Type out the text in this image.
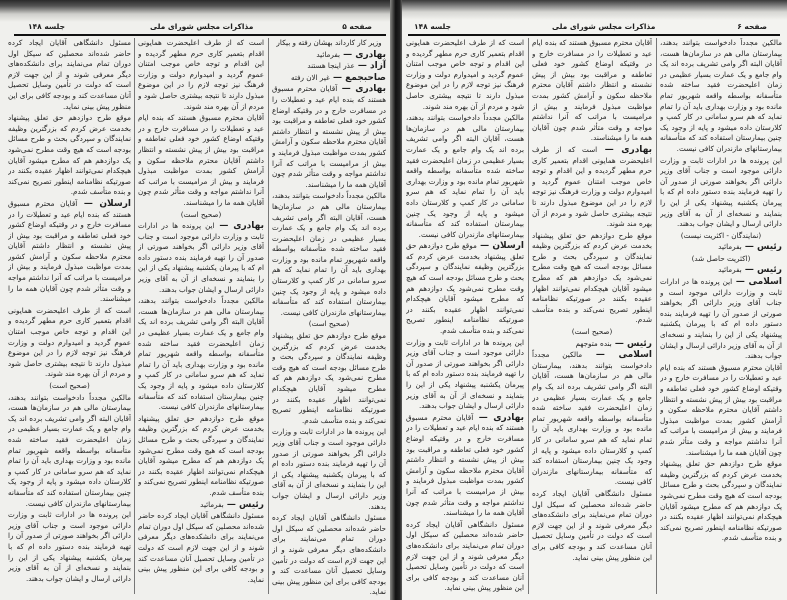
صفحه ۵
مذاکرات مجلس شورای ملی
جلسه ۱۴۸

وزیر کار کارداند بهشان رفته و بیکار

بهادری — بفرمائید

آزاد — عذر اینجا هستند

صاحبجمع — غیر الان رفته

بهادری — آقایان محترم مسبوق هستند که بنده ایام عید و تعطیلات را در مسافرت خارج و در وقتیکه اوضاع کشور خود فعلی تعاطفه و مراقبت بود بیش از پیش نشسته و انتظار داشتم آقایان محترم ملاحظه سکون و آرامش کشور بمدت مواظبت مبذول فرمایند و بیش از مرامیست با مراتب که آنرا نداشتم مواجه و وقت متأثر شدم چون آقایان همه ما را میشناسند.

مالکین مجدداً دادخواست بتوانند بدهند، بیمارستان مالی هم در سازمان‌ها هست، آقایان البته اگر وامی تشریف برده اند یک وام جامع و یک عمارت بسیار عظیمی در زمان اعلیحضرت فقید ساخته شده متأسفانه بواسطه واقعه شهریور تمام مانده بود و وزارت بهداری باید آن را تمام نماید که هم سرو سامانی در کار کمپ و کلارستان داده میشود و پایه از وجود یک چنین بیمارستان استفاده کند که متأسفانه بیمارستانهای مازندران کافی نیست.

(صحیح است)

موقع طرح دوازدهم حق تعلق پیشنهاد بخدمت عرض کردم که بزرگترین وظیفه نمایندگان و سپردگی بحث و طرح مسائل بودجه است که هیچ وقت مطرح نمی‌شود یک دوازدهم هم که مطرح میشود آقایان هیچکدام نمی‌توانند اظهار عقیده بکنند در صورتیکه نظامنامه اینطور تصریح نمی‌کند و بنده متأسف شدم.

این پرونده ها در ادارات ثابت و وزارت دارائی موجود است و جناب آقای وزیر دارائی اگر بخواهند صورتی از صدور آن را تهیه فرمایند بنده دستور داده ام که با پیرمان یکشنبه پیشنهاد یکی از این را بنمایند و نسخه‌ای از آن به آقای وزیر دارائی ارسال و ایشان جواب بدهند.

مسئول دانشگاهی آقایان ایجاد کرده حاضر شده‌اند محصلین که سیکل اول دوران تمام می‌نمایند برای دانشکده‌های دیگر معرفی شوند و از این جهت لازم است که دولت در تأمین وسایل تحصیل آنان مساعدت کند و بودجه کافی برای این منظور پیش بینی نماید.

است که از طرف اعلیحضرت همایونی اقدام بتعمیر کاری حرم مطهر گردیده و این اقدام و توجه خاص موجب امتنان عموم گردید و امیدوارم دولت و وزارت فرهنگ نیز توجه لازم را در این موضوع مبذول دارند تا نتیجه بیشتری حاصل شود و مردم از آن بهره مند شوند.

آقایان محترم مسبوق هستند که بنده ایام عید و تعطیلات را در مسافرت خارج و در وقتیکه اوضاع کشور خود فعلی تعاطفه و مراقبت بود بیش از پیش نشسته و انتظار داشتم آقایان محترم ملاحظه سکون و آرامش کشور بمدت مواظبت مبذول فرمایند و بیش از مرامیست با مراتب که آنرا نداشتم مواجه و وقت متأثر شدم چون آقایان همه ما را میشناسند.

(صحیح است)

بهادری — این پرونده ها در ادارات ثابت و وزارت دارائی موجود است و جناب آقای وزیر دارائی اگر بخواهند صورتی از صدور آن را تهیه فرمایند بنده دستور داده ام که با پیرمان یکشنبه پیشنهاد یکی از این را بنمایند و نسخه‌ای از آن به آقای وزیر دارائی ارسال و ایشان جواب بدهند.

مالکین مجدداً دادخواست بتوانند بدهند، بیمارستان مالی هم در سازمان‌ها هست، آقایان البته اگر وامی تشریف برده اند یک وام جامع و یک عمارت بسیار عظیمی در زمان اعلیحضرت فقید ساخته شده متأسفانه بواسطه واقعه شهریور تمام مانده بود و وزارت بهداری باید آن را تمام نماید که هم سرو سامانی در کار کمپ و کلارستان داده میشود و پایه از وجود یک چنین بیمارستان استفاده کند که متأسفانه بیمارستانهای مازندران کافی نیست.

موقع طرح دوازدهم حق تعلق پیشنهاد بخدمت عرض کردم که بزرگترین وظیفه نمایندگان و سپردگی بحث و طرح مسائل بودجه است که هیچ وقت مطرح نمی‌شود یک دوازدهم هم که مطرح میشود آقایان هیچکدام نمی‌توانند اظهار عقیده بکنند در صورتیکه نظامنامه اینطور تصریح نمی‌کند و بنده متأسف شدم.

رئیس — بفرمائید

مسئول دانشگاهی آقایان ایجاد کرده حاضر شده‌اند محصلین که سیکل اول دوران تمام می‌نمایند برای دانشکده‌های دیگر معرفی شوند و از این جهت لازم است که دولت در تأمین وسایل تحصیل آنان مساعدت کند و بودجه کافی برای این منظور پیش بینی نماید.

مسئول دانشگاهی آقایان ایجاد کرده حاضر شده‌اند محصلین که سیکل اول دوران تمام می‌نمایند برای دانشکده‌های دیگر معرفی شوند و از این جهت لازم است که دولت در تأمین وسایل تحصیل آنان مساعدت کند و بودجه کافی برای این منظور پیش بینی نماید.

موقع طرح دوازدهم حق تعلق پیشنهاد بخدمت عرض کردم که بزرگترین وظیفه نمایندگان و سپردگی بحث و طرح مسائل بودجه است که هیچ وقت مطرح نمی‌شود یک دوازدهم هم که مطرح میشود آقایان هیچکدام نمی‌توانند اظهار عقیده بکنند در صورتیکه نظامنامه اینطور تصریح نمی‌کند و بنده متأسف شدم.

ارسلان — آقایان محترم مسبوق هستند که بنده ایام عید و تعطیلات را در مسافرت خارج و در وقتیکه اوضاع کشور خود فعلی تعاطفه و مراقبت بود بیش از پیش نشسته و انتظار داشتم آقایان محترم ملاحظه سکون و آرامش کشور بمدت مواظبت مبذول فرمایند و بیش از مرامیست با مراتب که آنرا نداشتم مواجه و وقت متأثر شدم چون آقایان همه ما را میشناسند.

است که از طرف اعلیحضرت همایونی اقدام بتعمیر کاری حرم مطهر گردیده و این اقدام و توجه خاص موجب امتنان عموم گردید و امیدوارم دولت و وزارت فرهنگ نیز توجه لازم را در این موضوع مبذول دارند تا نتیجه بیشتری حاصل شود و مردم از آن بهره مند شوند.

(صحیح است)

مالکین مجدداً دادخواست بتوانند بدهند، بیمارستان مالی هم در سازمان‌ها هست، آقایان البته اگر وامی تشریف برده اند یک وام جامع و یک عمارت بسیار عظیمی در زمان اعلیحضرت فقید ساخته شده متأسفانه بواسطه واقعه شهریور تمام مانده بود و وزارت بهداری باید آن را تمام نماید که هم سرو سامانی در کار کمپ و کلارستان داده میشود و پایه از وجود یک چنین بیمارستان استفاده کند که متأسفانه بیمارستانهای مازندران کافی نیست.

این پرونده ها در ادارات ثابت و وزارت دارائی موجود است و جناب آقای وزیر دارائی اگر بخواهند صورتی از صدور آن را تهیه فرمایند بنده دستور داده ام که با پیرمان یکشنبه پیشنهاد یکی از این را بنمایند و نسخه‌ای از آن به آقای وزیر دارائی ارسال و ایشان جواب بدهند.

صفحه ۶
مذاکرات مجلس شورای ملی
جلسه ۱۴۸

مالکین مجدداً دادخواست بتوانند بدهند، بیمارستان مالی هم در سازمان‌ها هست، آقایان البته اگر وامی تشریف برده اند یک وام جامع و یک عمارت بسیار عظیمی در زمان اعلیحضرت فقید ساخته شده متأسفانه بواسطه واقعه شهریور تمام مانده بود و وزارت بهداری باید آن را تمام نماید که هم سرو سامانی در کار کمپ و کلارستان داده میشود و پایه از وجود یک چنین بیمارستان استفاده کند که متأسفانه بیمارستانهای مازندران کافی نیست.

این پرونده ها در ادارات ثابت و وزارت دارائی موجود است و جناب آقای وزیر دارائی اگر بخواهند صورتی از صدور آن را تهیه فرمایند بنده دستور داده ام که با پیرمان یکشنبه پیشنهاد یکی از این را بنمایند و نسخه‌ای از آن به آقای وزیر دارائی ارسال و ایشان جواب بدهند.

(نمایندگان - اکثریت نیست)

رئیس — بفرمائید

(اکثریت حاصل شد)

رئیس — بفرمائید

اسلامی — این پرونده ها در ادارات ثابت و وزارت دارائی موجود است و جناب آقای وزیر دارائی اگر بخواهند صورتی از صدور آن را تهیه فرمایند بنده دستور داده ام که با پیرمان یکشنبه پیشنهاد یکی از این را بنمایند و نسخه‌ای از آن به آقای وزیر دارائی ارسال و ایشان جواب بدهند.

آقایان محترم مسبوق هستند که بنده ایام عید و تعطیلات را در مسافرت خارج و در وقتیکه اوضاع کشور خود فعلی تعاطفه و مراقبت بود بیش از پیش نشسته و انتظار داشتم آقایان محترم ملاحظه سکون و آرامش کشور بمدت مواظبت مبذول فرمایند و بیش از مرامیست با مراتب که آنرا نداشتم مواجه و وقت متأثر شدم چون آقایان همه ما را میشناسند.

موقع طرح دوازدهم حق تعلق پیشنهاد بخدمت عرض کردم که بزرگترین وظیفه نمایندگان و سپردگی بحث و طرح مسائل بودجه است که هیچ وقت مطرح نمی‌شود یک دوازدهم هم که مطرح میشود آقایان هیچکدام نمی‌توانند اظهار عقیده بکنند در صورتیکه نظامنامه اینطور تصریح نمی‌کند و بنده متأسف شدم.

آقایان محترم مسبوق هستند که بنده ایام عید و تعطیلات را در مسافرت خارج و در وقتیکه اوضاع کشور خود فعلی تعاطفه و مراقبت بود بیش از پیش نشسته و انتظار داشتم آقایان محترم ملاحظه سکون و آرامش کشور بمدت مواظبت مبذول فرمایند و بیش از مرامیست با مراتب که آنرا نداشتم مواجه و وقت متأثر شدم چون آقایان همه ما را میشناسند.

بهادری — است که از طرف اعلیحضرت همایونی اقدام بتعمیر کاری حرم مطهر گردیده و این اقدام و توجه خاص موجب امتنان عموم گردید و امیدوارم دولت و وزارت فرهنگ نیز توجه لازم را در این موضوع مبذول دارند تا نتیجه بیشتری حاصل شود و مردم از آن بهره مند شوند.

موقع طرح دوازدهم حق تعلق پیشنهاد بخدمت عرض کردم که بزرگترین وظیفه نمایندگان و سپردگی بحث و طرح مسائل بودجه است که هیچ وقت مطرح نمی‌شود یک دوازدهم هم که مطرح میشود آقایان هیچکدام نمی‌توانند اظهار عقیده بکنند در صورتیکه نظامنامه اینطور تصریح نمی‌کند و بنده متأسف شدم.

(صحیح است)

رئیس — بنده متوجهم

اسلامی — مالکین مجدداً دادخواست بتوانند بدهند، بیمارستان مالی هم در سازمان‌ها هست، آقایان البته اگر وامی تشریف برده اند یک وام جامع و یک عمارت بسیار عظیمی در زمان اعلیحضرت فقید ساخته شده متأسفانه بواسطه واقعه شهریور تمام مانده بود و وزارت بهداری باید آن را تمام نماید که هم سرو سامانی در کار کمپ و کلارستان داده میشود و پایه از وجود یک چنین بیمارستان استفاده کند که متأسفانه بیمارستانهای مازندران کافی نیست.

مسئول دانشگاهی آقایان ایجاد کرده حاضر شده‌اند محصلین که سیکل اول دوران تمام می‌نمایند برای دانشکده‌های دیگر معرفی شوند و از این جهت لازم است که دولت در تأمین وسایل تحصیل آنان مساعدت کند و بودجه کافی برای این منظور پیش بینی نماید.

است که از طرف اعلیحضرت همایونی اقدام بتعمیر کاری حرم مطهر گردیده و این اقدام و توجه خاص موجب امتنان عموم گردید و امیدوارم دولت و وزارت فرهنگ نیز توجه لازم را در این موضوع مبذول دارند تا نتیجه بیشتری حاصل شود و مردم از آن بهره مند شوند.

مالکین مجدداً دادخواست بتوانند بدهند، بیمارستان مالی هم در سازمان‌ها هست، آقایان البته اگر وامی تشریف برده اند یک وام جامع و یک عمارت بسیار عظیمی در زمان اعلیحضرت فقید ساخته شده متأسفانه بواسطه واقعه شهریور تمام مانده بود و وزارت بهداری باید آن را تمام نماید که هم سرو سامانی در کار کمپ و کلارستان داده میشود و پایه از وجود یک چنین بیمارستان استفاده کند که متأسفانه بیمارستانهای مازندران کافی نیست.

ارسلان — موقع طرح دوازدهم حق تعلق پیشنهاد بخدمت عرض کردم که بزرگترین وظیفه نمایندگان و سپردگی بحث و طرح مسائل بودجه است که هیچ وقت مطرح نمی‌شود یک دوازدهم هم که مطرح میشود آقایان هیچکدام نمی‌توانند اظهار عقیده بکنند در صورتیکه نظامنامه اینطور تصریح نمی‌کند و بنده متأسف شدم.

این پرونده ها در ادارات ثابت و وزارت دارائی موجود است و جناب آقای وزیر دارائی اگر بخواهند صورتی از صدور آن را تهیه فرمایند بنده دستور داده ام که با پیرمان یکشنبه پیشنهاد یکی از این را بنمایند و نسخه‌ای از آن به آقای وزیر دارائی ارسال و ایشان جواب بدهند.

بهادری — آقایان محترم مسبوق هستند که بنده ایام عید و تعطیلات را در مسافرت خارج و در وقتیکه اوضاع کشور خود فعلی تعاطفه و مراقبت بود بیش از پیش نشسته و انتظار داشتم آقایان محترم ملاحظه سکون و آرامش کشور بمدت مواظبت مبذول فرمایند و بیش از مرامیست با مراتب که آنرا نداشتم مواجه و وقت متأثر شدم چون آقایان همه ما را میشناسند.

مسئول دانشگاهی آقایان ایجاد کرده حاضر شده‌اند محصلین که سیکل اول دوران تمام می‌نمایند برای دانشکده‌های دیگر معرفی شوند و از این جهت لازم است که دولت در تأمین وسایل تحصیل آنان مساعدت کند و بودجه کافی برای این منظور پیش بینی نماید.
